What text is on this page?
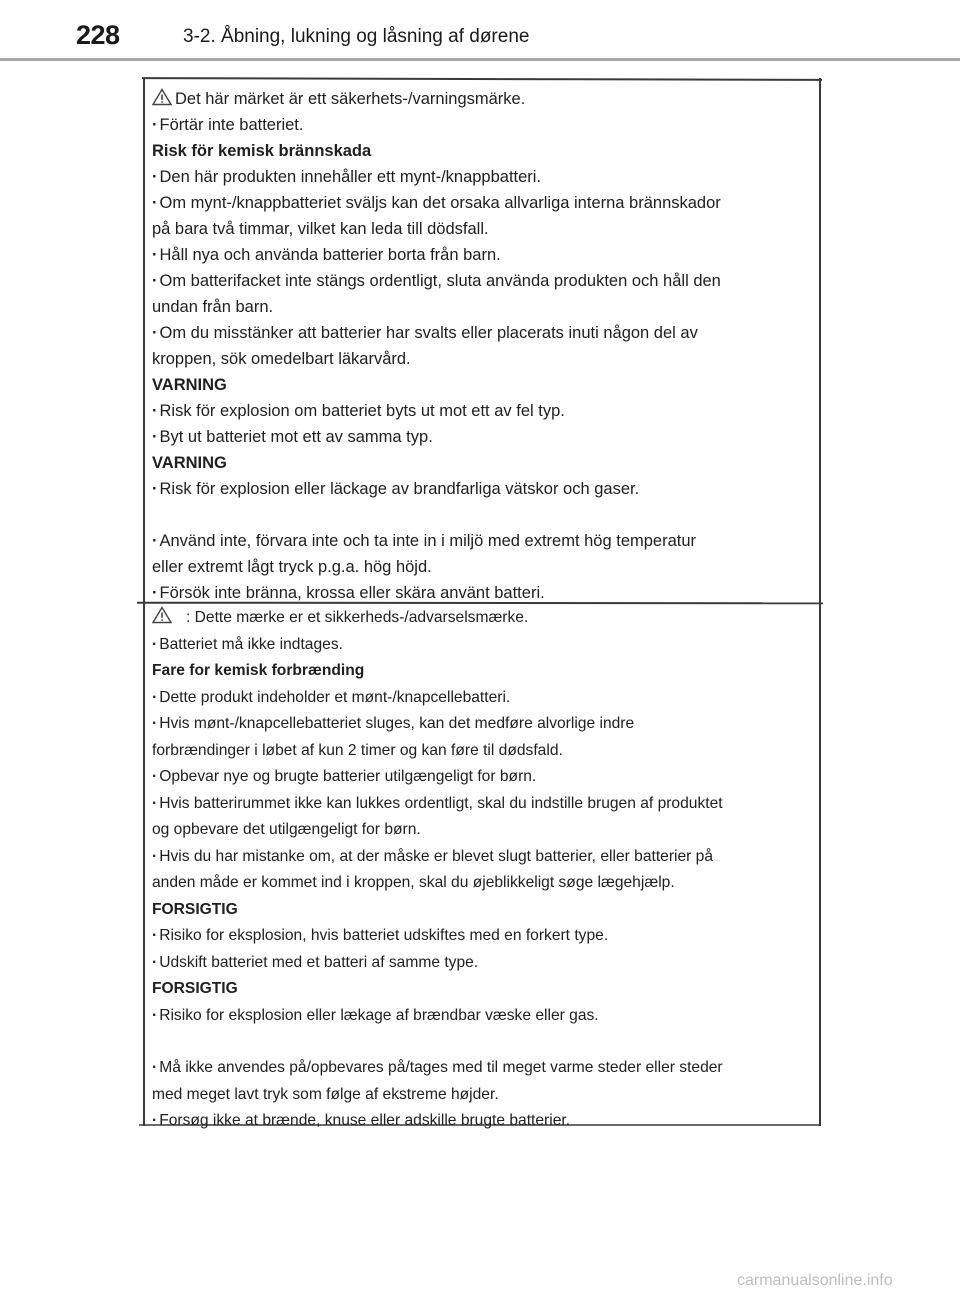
228	3-2. Åbning, lukning og låsning af dørene
Det här märket är ett säkerhets-/varningsmärke.
· Förtär inte batteriet.
Risk för kemisk brännskada
· Den här produkten innehåller ett mynt-/knappbatteri.
· Om mynt-/knappbatteriet sväljs kan det orsaka allvarliga interna brännskador
på bara två timmar, vilket kan leda till dödsfall.
· Håll nya och använda batterier borta från barn.
· Om batterifacket inte stängs ordentligt, sluta använda produkten och håll den
undan från barn.
· Om du misstänker att batterier har svalts eller placerats inuti någon del av
kroppen, sök omedelbart läkarvård.
VARNING
· Risk för explosion om batteriet byts ut mot ett av fel typ.
· Byt ut batteriet mot ett av samma typ.
VARNING
· Risk för explosion eller läckage av brandfarliga vätskor och gaser.
· Använd inte, förvara inte och ta inte in i miljö med extremt hög temperatur
eller extremt lågt tryck p.g.a. hög höjd.
· Försök inte bränna, krossa eller skära använt batteri.
: Dette mærke er et sikkerheds-/advarselsmærke.
· Batteriet må ikke indtages.
Fare for kemisk forbrænding
· Dette produkt indeholder et mønt-/knapcellebatteri.
· Hvis mønt-/knapcellebatteriet sluges, kan det medføre alvorlige indre
forbrændinger i løbet af kun 2 timer og kan føre til dødsfald.
· Opbevar nye og brugte batterier utilgængeligt for børn.
· Hvis batterirummet ikke kan lukkes ordentligt, skal du indstille brugen af produktet
og opbevare det utilgængeligt for børn.
· Hvis du har mistanke om, at der måske er blevet slugt batterier, eller batterier på
anden måde er kommet ind i kroppen, skal du øjeblikkeligt søge lægehjælp.
FORSIGTIG
· Risiko for eksplosion, hvis batteriet udskiftes med en forkert type.
· Udskift batteriet med et batteri af samme type.
FORSIGTIG
· Risiko for eksplosion eller lækage af brændbar væske eller gas.
· Må ikke anvendes på/opbevares på/tages med til meget varme steder eller steder
med meget lavt tryk som følge af ekstreme højder.
· Forsøg ikke at brænde, knuse eller adskille brugte batterier.
carmanualsonline.info
